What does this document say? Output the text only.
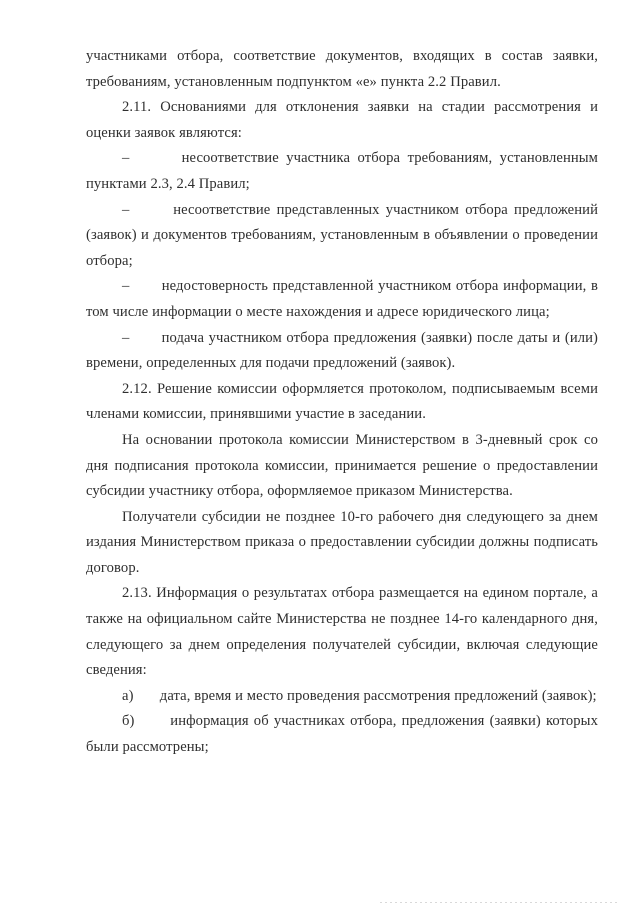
участниками отбора, соответствие документов, входящих в состав заявки, требованиям, установленным подпунктом «е» пункта 2.2 Правил.

2.11. Основаниями для отклонения заявки на стадии рассмотрения и оценки заявок являются:

–	несоответствие участника отбора требованиям, установленным пунктами 2.3, 2.4 Правил;

–	несоответствие представленных участником отбора предложений (заявок) и документов требованиям, установленным в объявлении о проведении отбора;

– недостоверность представленной участником отбора информации, в том числе информации о месте нахождения и адресе юридического лица;

– подача участником отбора предложения (заявки) после даты и (или) времени, определенных для подачи предложений (заявок).

2.12. Решение комиссии оформляется протоколом, подписываемым всеми членами комиссии, принявшими участие в заседании.

На основании протокола комиссии Министерством в 3-дневный срок со дня подписания протокола комиссии, принимается решение о предоставлении субсидии участнику отбора, оформляемое приказом Министерства.

Получатели субсидии не позднее 10-го рабочего дня следующего за днем издания Министерством приказа о предоставлении субсидии должны подписать договор.

2.13. Информация о результатах отбора размещается на едином портале, а также на официальном сайте Министерства не позднее 14-го календарного дня, следующего за днем определения получателей субсидии, включая следующие сведения:

а) дата, время и место проведения рассмотрения предложений (заявок);

б) информация об участниках отбора, предложения (заявки) которых были рассмотрены;
